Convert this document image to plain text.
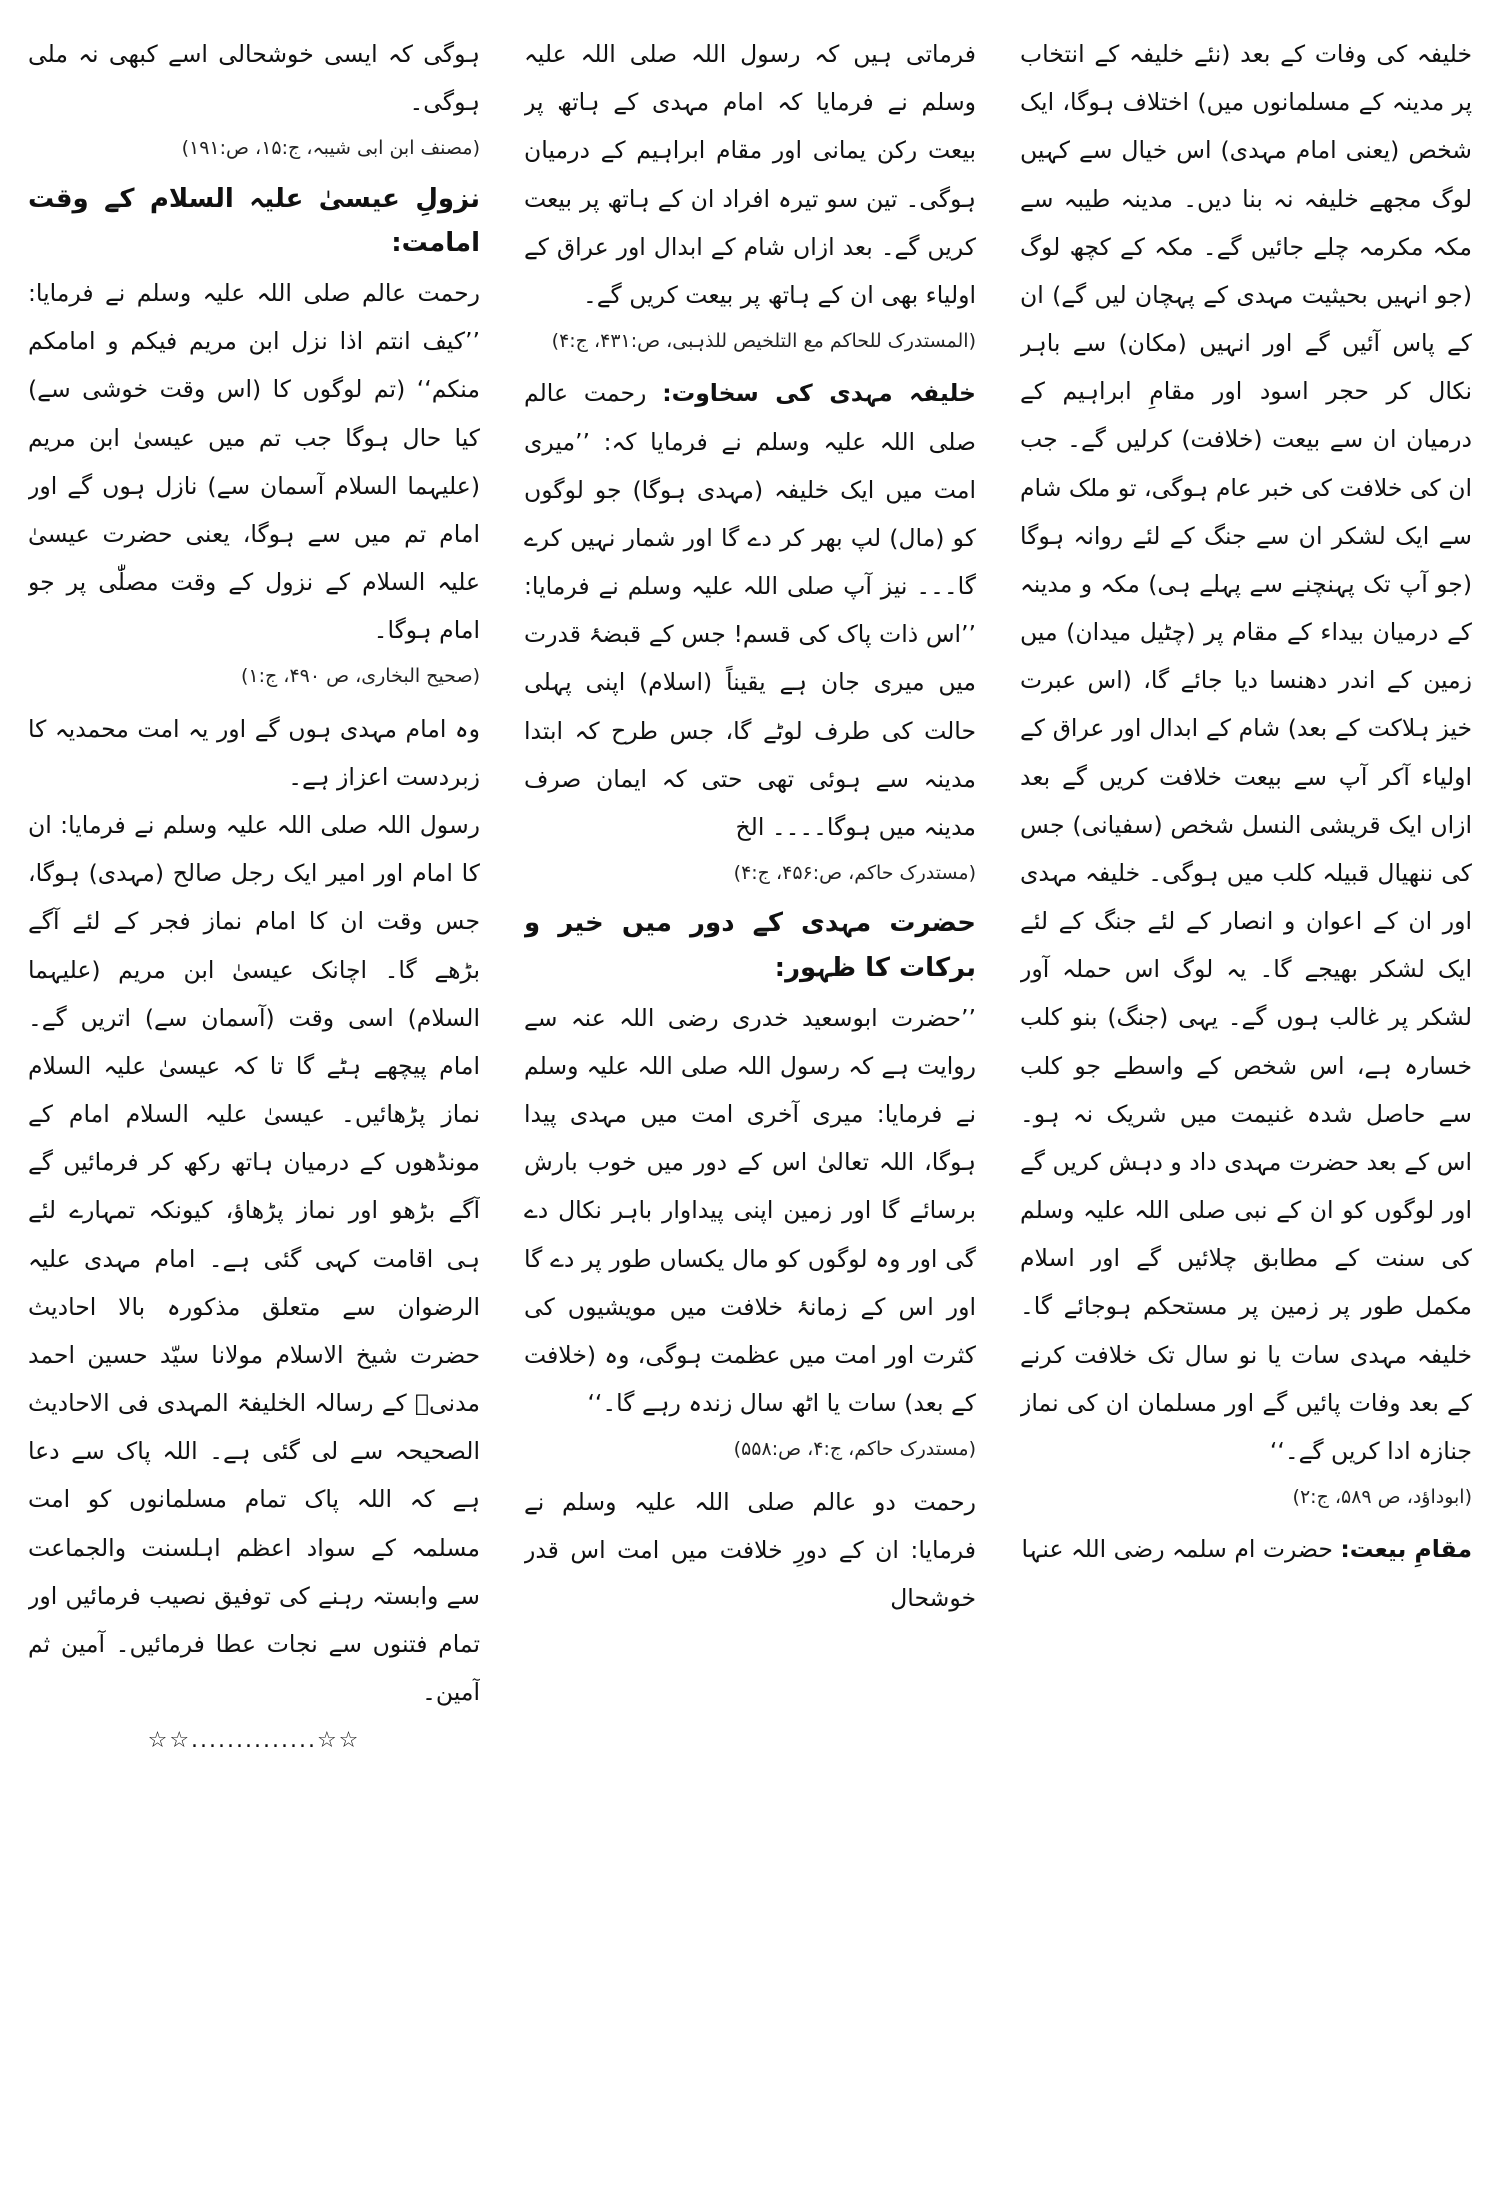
خلیفہ کی وفات کے بعد (نئے خلیفہ کے انتخاب پر مدینہ کے مسلمانوں میں) اختلاف ہوگا، ایک شخص (یعنی امام مہدی) اس خیال سے کہیں لوگ مجھے خلیفہ نہ بنا دیں۔ مدینہ طیبہ سے مکہ مکرمہ چلے جائیں گے۔ مکہ کے کچھ لوگ (جو انہیں بحیثیت مہدی کے پہچان لیں گے) ان کے پاس آئیں گے اور انہیں (مکان) سے باہر نکال کر حجر اسود اور مقامِ ابراہیم کے درمیان ان سے بیعت (خلافت) کرلیں گے۔ جب ان کی خلافت کی خبر عام ہوگی، تو ملک شام سے ایک لشکر ان سے جنگ کے لئے روانہ ہوگا (جو آپ تک پہنچنے سے پہلے ہی) مکہ و مدینہ کے درمیان بیداء کے مقام پر (چٹیل میدان) میں زمین کے اندر دھنسا دیا جائے گا، (اس عبرت خیز ہلاکت کے بعد) شام کے ابدال اور عراق کے اولیاء آکر آپ سے بیعت خلافت کریں گے بعد ازاں ایک قریشی النسل شخص (سفیانی) جس کی ننھیال قبیلہ کلب میں ہوگی۔ خلیفہ مہدی اور ان کے اعوان و انصار کے لئے جنگ کے لئے ایک لشکر بھیجے گا۔ یہ لوگ اس حملہ آور لشکر پر غالب ہوں گے۔ یہی (جنگ) بنو کلب خسارہ ہے، اس شخص کے واسطے جو کلب سے حاصل شدہ غنیمت میں شریک نہ ہو۔ اس کے بعد حضرت مہدی داد و دہش کریں گے اور لوگوں کو ان کے نبی صلی اللہ علیہ وسلم کی سنت کے مطابق چلائیں گے اور اسلام مکمل طور پر زمین پر مستحکم ہوجائے گا۔ خلیفہ مہدی سات یا نو سال تک خلافت کرنے کے بعد وفات پائیں گے اور مسلمان ان کی نماز جنازہ ادا کریں گے۔‘‘

(ابوداؤد، ص ۵۸۹، ج:۲)

مقامِ بیعت: حضرت ام سلمہ رضی اللہ عنہا

فرماتی ہیں کہ رسول اللہ صلی اللہ علیہ وسلم نے فرمایا کہ امام مہدی کے ہاتھ پر بیعت رکن یمانی اور مقام ابراہیم کے درمیان ہوگی۔ تین سو تیرہ افراد ان کے ہاتھ پر بیعت کریں گے۔ بعد ازاں شام کے ابدال اور عراق کے اولیاء بھی ان کے ہاتھ پر بیعت کریں گے۔

(المستدرک للحاکم مع التلخیص للذہبی، ص:۴۳۱، ج:۴)

خلیفہ مہدی کی سخاوت: رحمت عالم صلی اللہ علیہ وسلم نے فرمایا کہ: ’’میری امت میں ایک خلیفہ (مہدی ہوگا) جو لوگوں کو (مال) لپ بھر کر دے گا اور شمار نہیں کرے گا۔۔۔ نیز آپ صلی اللہ علیہ وسلم نے فرمایا: ’’اس ذات پاک کی قسم! جس کے قبضۂ قدرت میں میری جان ہے یقیناً (اسلام) اپنی پہلی حالت کی طرف لوٹے گا، جس طرح کہ ابتدا مدینہ سے ہوئی تھی حتی کہ ایمان صرف مدینہ میں ہوگا۔۔۔۔ الخ

(مستدرک حاکم، ص:۴۵۶، ج:۴)

حضرت مہدی کے دور میں خیر و برکات کا ظہور:

’’حضرت ابوسعید خدری رضی اللہ عنہ سے روایت ہے کہ رسول اللہ صلی اللہ علیہ وسلم نے فرمایا: میری آخری امت میں مہدی پیدا ہوگا، اللہ تعالیٰ اس کے دور میں خوب بارش برسائے گا اور زمین اپنی پیداوار باہر نکال دے گی اور وہ لوگوں کو مال یکساں طور پر دے گا اور اس کے زمانۂ خلافت میں مویشیوں کی کثرت اور امت میں عظمت ہوگی، وہ (خلافت کے بعد) سات یا اٹھ سال زندہ رہے گا۔‘‘

(مستدرک حاکم، ج:۴، ص:۵۵۸)

رحمت دو عالم صلی اللہ علیہ وسلم نے فرمایا: ان کے دورِ خلافت میں امت اس قدر خوشحال

ہوگی کہ ایسی خوشحالی اسے کبھی نہ ملی ہوگی۔

(مصنف ابن ابی شیبہ، ج:۱۵، ص:۱۹۱)

نزولِ عیسیٰ علیہ السلام کے وقت امامت:

رحمت عالم صلی اللہ علیہ وسلم نے فرمایا: ’’کیف انتم اذا نزل ابن مریم فیکم و امامکم منکم‘‘ (تم لوگوں کا (اس وقت خوشی سے) کیا حال ہوگا جب تم میں عیسیٰ ابن مریم (علیہما السلام آسمان سے) نازل ہوں گے اور امام تم میں سے ہوگا، یعنی حضرت عیسیٰ علیہ السلام کے نزول کے وقت مصلّٰی پر جو امام ہوگا۔

(صحیح البخاری، ص ۴۹۰، ج:۱)

وہ امام مہدی ہوں گے اور یہ امت محمدیہ کا زبردست اعزاز ہے۔

رسول اللہ صلی اللہ علیہ وسلم نے فرمایا: ان کا امام اور امیر ایک رجل صالح (مہدی) ہوگا، جس وقت ان کا امام نماز فجر کے لئے آگے بڑھے گا۔ اچانک عیسیٰ ابن مریم (علیہما السلام) اسی وقت (آسمان سے) اتریں گے۔ امام پیچھے ہٹے گا تا کہ عیسیٰ علیہ السلام نماز پڑھائیں۔ عیسیٰ علیہ السلام امام کے مونڈھوں کے درمیان ہاتھ رکھ کر فرمائیں گے آگے بڑھو اور نماز پڑھاؤ، کیونکہ تمہارے لئے ہی اقامت کہی گئی ہے۔ امام مہدی علیہ الرضوان سے متعلق مذکورہ بالا احادیث حضرت شیخ الاسلام مولانا سیّد حسین احمد مدنیؒ کے رسالہ الخلیفۃ المہدی فی الاحادیث الصحیحہ سے لی گئی ہے۔ اللہ پاک سے دعا ہے کہ اللہ پاک تمام مسلمانوں کو امت مسلمہ کے سواد اعظم اہلسنت والجماعت سے وابستہ رہنے کی توفیق نصیب فرمائیں اور تمام فتنوں سے نجات عطا فرمائیں۔ آمین ثم آمین۔

☆☆..............☆☆
